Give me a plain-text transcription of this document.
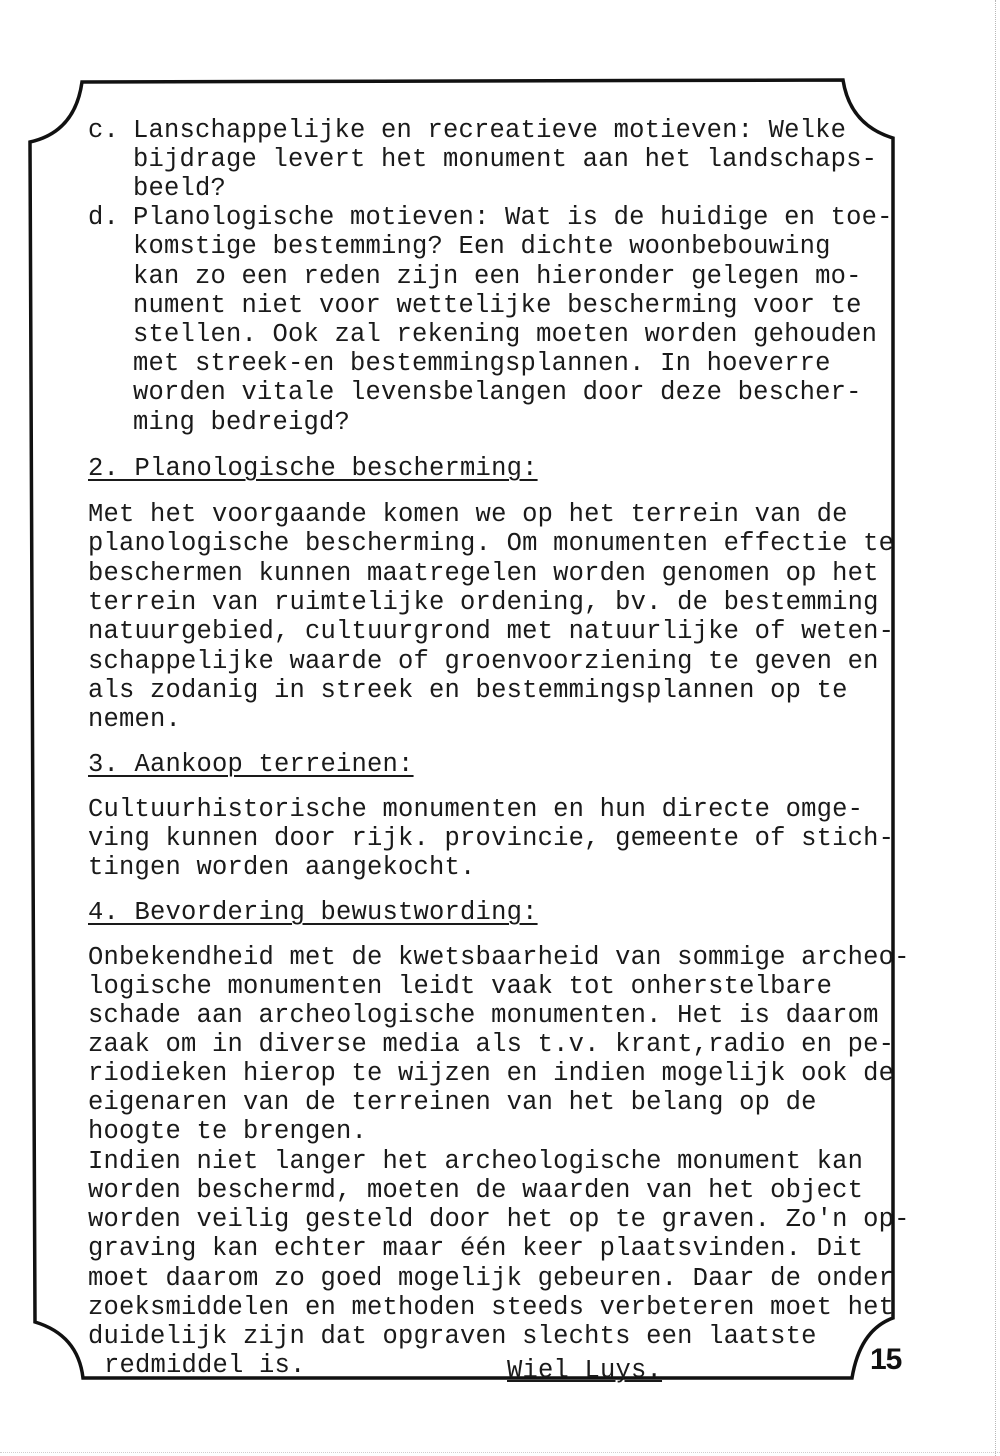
c. Lanschappelijke en recreatieve motieven: Welke
bijdrage levert het monument aan het landschaps-
beeld?
d. Planologische motieven: Wat is de huidige en toe-
komstige bestemming? Een dichte woonbebouwing
kan zo een reden zijn een hieronder gelegen mo-
nument niet voor wettelijke bescherming voor te
stellen. Ook zal rekening moeten worden gehouden
met streek-en bestemmingsplannen. In hoeverre
worden vitale levensbelangen door deze bescher-
ming bedreigd?
2. Planologische bescherming:
Met het voorgaande komen we op het terrein van de
planologische bescherming. Om monumenten effectie te
beschermen kunnen maatregelen worden genomen op het
terrein van ruimtelijke ordening, bv. de bestemming
natuurgebied, cultuurgrond met natuurlijke of weten-
schappelijke waarde of groenvoorziening te geven en
als zodanig in streek en bestemmingsplannen op te
nemen.
3. Aankoop terreinen:
Cultuurhistorische monumenten en hun directe omge-
ving kunnen door rijk. provincie, gemeente of stich-
tingen worden aangekocht.
4. Bevordering bewustwording:
Onbekendheid met de kwetsbaarheid van sommige archeo-
logische monumenten leidt vaak tot onherstelbare
schade aan archeologische monumenten. Het is daarom
zaak om in diverse media als t.v. krant,radio en pe-
riodieken hierop te wijzen en indien mogelijk ook de
eigenaren van de terreinen van het belang op de
hoogte te brengen.
Indien niet langer het archeologische monument kan
worden beschermd, moeten de waarden van het object
worden veilig gesteld door het op te graven. Zo'n op-
graving kan echter maar één keer plaatsvinden. Dit
moet daarom zo goed mogelijk gebeuren. Daar de onder
zoeksmiddelen en methoden steeds verbeteren moet het
duidelijk zijn dat opgraven slechts een laatste
redmiddel is.	Wiel Luys.	15
